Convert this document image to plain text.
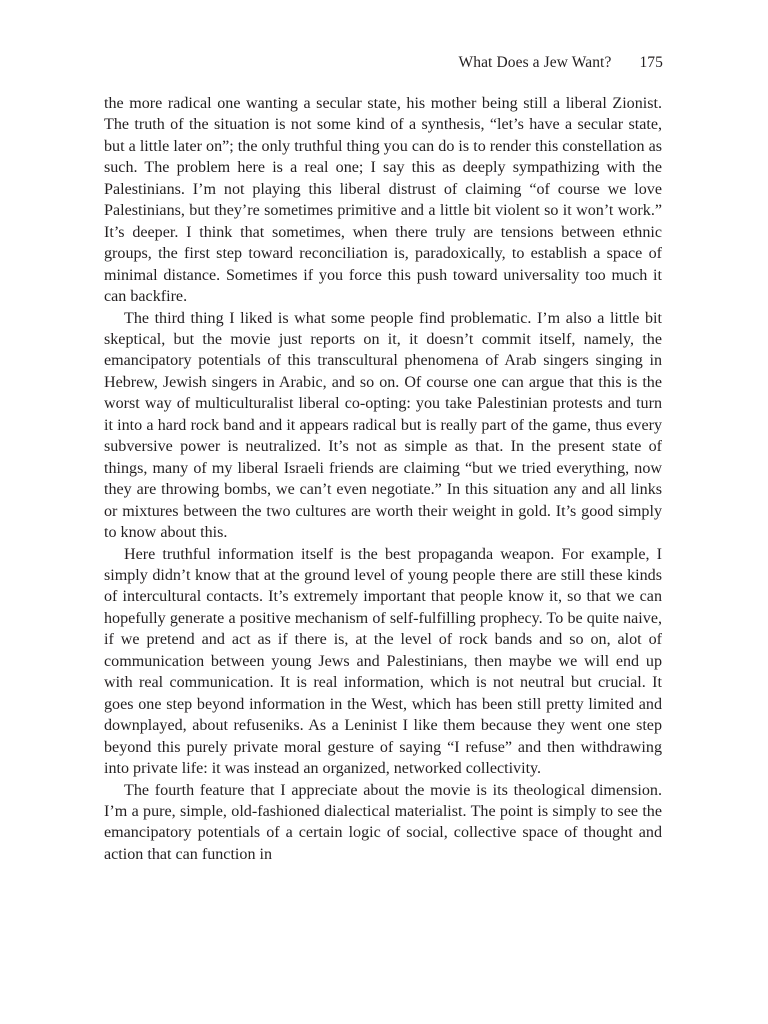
What Does a Jew Want? 175

the more radical one wanting a secular state, his mother being still a liberal Zionist. The truth of the situation is not some kind of a synthesis, “let’s have a secular state, but a little later on”; the only truthful thing you can do is to render this constellation as such. The problem here is a real one; I say this as deeply sympathizing with the Palestinians. I’m not playing this liberal distrust of claiming “of course we love Palestinians, but they’re sometimes primitive and a little bit violent so it won’t work.” It’s deeper. I think that sometimes, when there truly are tensions between ethnic groups, the first step toward reconciliation is, paradoxically, to establish a space of minimal distance. Sometimes if you force this push toward universality too much it can backfire.

The third thing I liked is what some people find problematic. I’m also a little bit skeptical, but the movie just reports on it, it doesn’t commit itself, namely, the emancipatory potentials of this transcultural phenomena of Arab singers singing in Hebrew, Jewish singers in Arabic, and so on. Of course one can argue that this is the worst way of multiculturalist liberal co-opting: you take Palestinian protests and turn it into a hard rock band and it appears radical but is really part of the game, thus every subversive power is neutralized. It’s not as simple as that. In the present state of things, many of my liberal Israeli friends are claiming “but we tried everything, now they are throwing bombs, we can’t even negotiate.” In this situation any and all links or mixtures between the two cultures are worth their weight in gold. It’s good simply to know about this.

Here truthful information itself is the best propaganda weapon. For example, I simply didn’t know that at the ground level of young people there are still these kinds of intercultural contacts. It’s extremely important that people know it, so that we can hopefully generate a positive mechanism of self-fulfilling prophecy. To be quite naive, if we pretend and act as if there is, at the level of rock bands and so on, alot of communication between young Jews and Palestinians, then maybe we will end up with real communication. It is real information, which is not neutral but crucial. It goes one step beyond information in the West, which has been still pretty limited and downplayed, about refuseniks. As a Leninist I like them because they went one step beyond this purely private moral gesture of saying “I refuse” and then withdrawing into private life: it was instead an organized, networked collectivity.

The fourth feature that I appreciate about the movie is its theological dimension. I’m a pure, simple, old-fashioned dialectical materialist. The point is simply to see the emancipatory potentials of a certain logic of social, collective space of thought and action that can function in
